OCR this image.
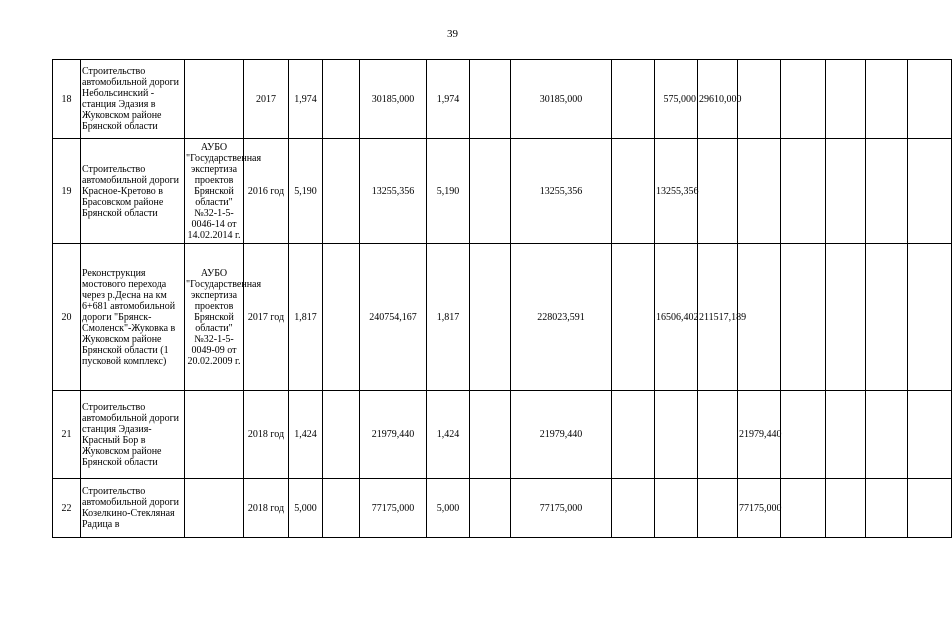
39
18	Строительство автомобильной дороги Небольсинский - станция Эдазия в Жуковском районе Брянской области		2017	1,974		30185,000	1,974		30185,000		575,000	29610,000					
19	Строительство автомобильной дороги Красное-Кретово в Брасовском районе Брянской области	АУБО "Государственная экспертиза проектов Брянской области" №32-1-5-0046-14 от 14.02.2014 г.	2016 год	5,190		13255,356	5,190		13255,356		13255,356						
20	Реконструкция мостового перехода через р.Десна на км 6+681 автомобильной дороги "Брянск-Смоленск"-Жуковка в Жуковском районе Брянской области (1 пусковой комплекс)	АУБО "Государственная экспертиза проектов Брянской области" №32-1-5-0049-09 от 20.02.2009 г.	2017 год	1,817		240754,167	1,817		228023,591		16506,402	211517,189					
21	Строительство автомобильной дороги станция Эдазия-Красный Бор в Жуковском районе Брянской области		2018 год	1,424		21979,440	1,424		21979,440				21979,440				
22	Строительство автомобильной дороги Козелкино-Стекляная Радица в		2018 год	5,000		77175,000	5,000		77175,000				77175,000				
